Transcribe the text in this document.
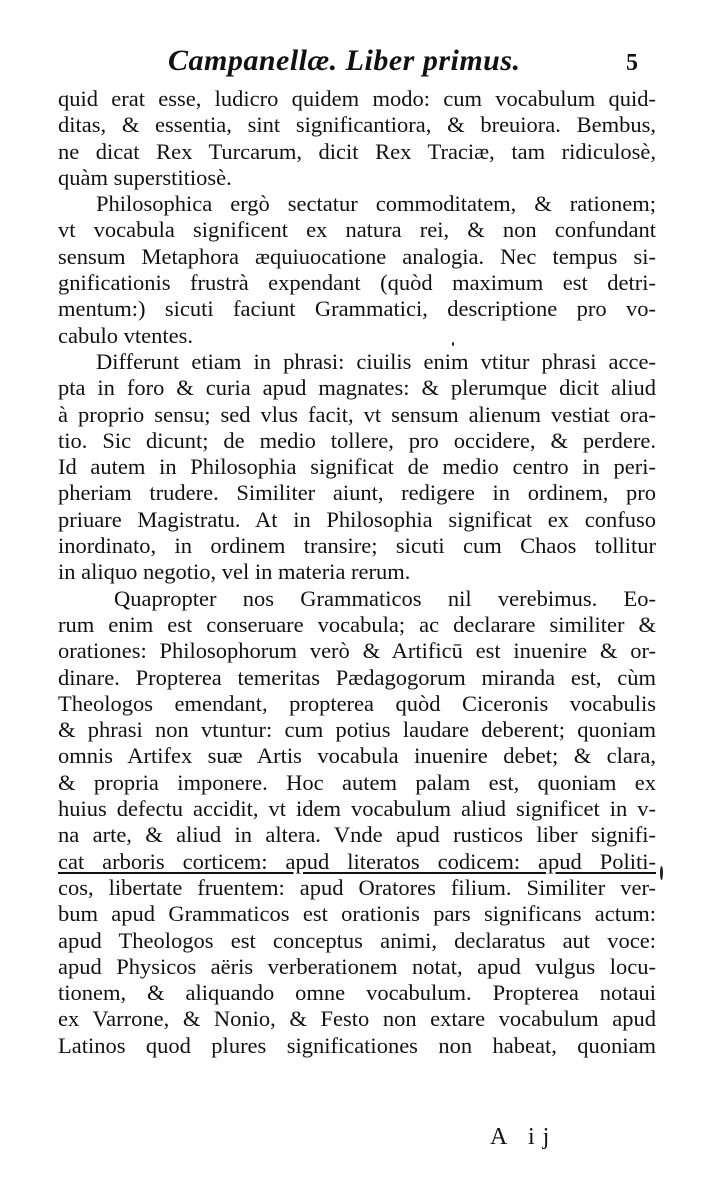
Campanellæ. Liber primus.	5
quid erat esse, ludicro quidem modo: cum vocabulum quid-
ditas, & essentia, sint significantiora, & breuiora. Bembus,
ne dicat Rex Turcarum, dicit Rex Traciæ, tam ridiculosè,
quàm superstitiosè.
Philosophica ergò sectatur commoditatem, & rationem;
vt vocabula significent ex natura rei, & non confundant
sensum Metaphora æquiuocatione analogia. Nec tempus si-
gnificationis frustrà expendant (quòd maximum est detri-
mentum:) sicuti faciunt Grammatici, descriptione pro vo-
cabulo vtentes.
Differunt etiam in phrasi: ciuilis enim vtitur phrasi acce-
pta in foro & curia apud magnates: & plerumque dicit aliud
à proprio sensu; sed vlus facit, vt sensum alienum vestiat ora-
tio. Sic dicunt; de medio tollere, pro occidere, & perdere.
Id autem in Philosophia significat de medio centro in peri-
pheriam trudere. Similiter aiunt, redigere in ordinem, pro
priuare Magistratu. At in Philosophia significat ex confuso
inordinato, in ordinem transire; sicuti cum Chaos tollitur
in aliquo negotio, vel in materia rerum.
Quapropter nos Grammaticos nil verebimus. Eo-
rum enim est conseruare vocabula; ac declarare similiter &
orationes: Philosophorum verò & Artificū est inuenire & or-
dinare. Propterea temeritas Pædagogorum miranda est, cùm
Theologos emendant, propterea quòd Ciceronis vocabulis
& phrasi non vtuntur: cum potius laudare deberent; quoniam
omnis Artifex suæ Artis vocabula inuenire debet; & clara,
& propria imponere. Hoc autem palam est, quoniam ex
huius defectu accidit, vt idem vocabulum aliud significet in v-
na arte, & aliud in altera. Vnde apud rusticos liber signifi-
cat arboris corticem: apud literatos codicem: apud Politi-
cos, libertate fruentem: apud Oratores filium. Similiter ver-
bum apud Grammaticos est orationis pars significans actum:
apud Theologos est conceptus animi, declaratus aut voce:
apud Physicos aëris verberationem notat, apud vulgus locu-
tionem, & aliquando omne vocabulum. Propterea notaui
ex Varrone, & Nonio, & Festo non extare vocabulum apud
Latinos quod plures significationes non habeat, quoniam
A ij
